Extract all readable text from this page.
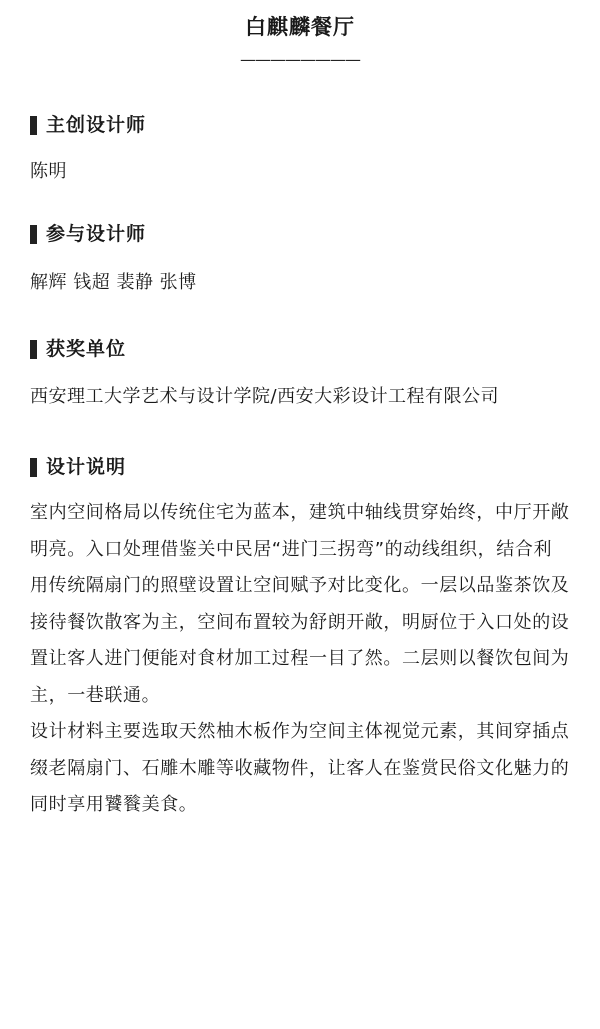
白麒麟餐厅
————————
主创设计师

陈明

参与设计师

解辉 钱超 裴静 张博

获奖单位

西安理工大学艺术与设计学院/西安大彩设计工程有限公司

设计说明

室内空间格局以传统住宅为蓝本，建筑中轴线贯穿始终，中厅开敞明亮。入口处理借鉴关中民居“进门三拐弯”的动线组织，结合利用传统隔扇门的照壁设置让空间赋予对比变化。一层以品鉴茶饮及接待餐饮散客为主，空间布置较为舒朗开敞，明厨位于入口处的设置让客人进门便能对食材加工过程一目了然。二层则以餐饮包间为主，一巷联通。

设计材料主要选取天然柚木板作为空间主体视觉元素，其间穿插点缀老隔扇门、石雕木雕等收藏物件，让客人在鉴赏民俗文化魅力的同时享用饕餮美食。
